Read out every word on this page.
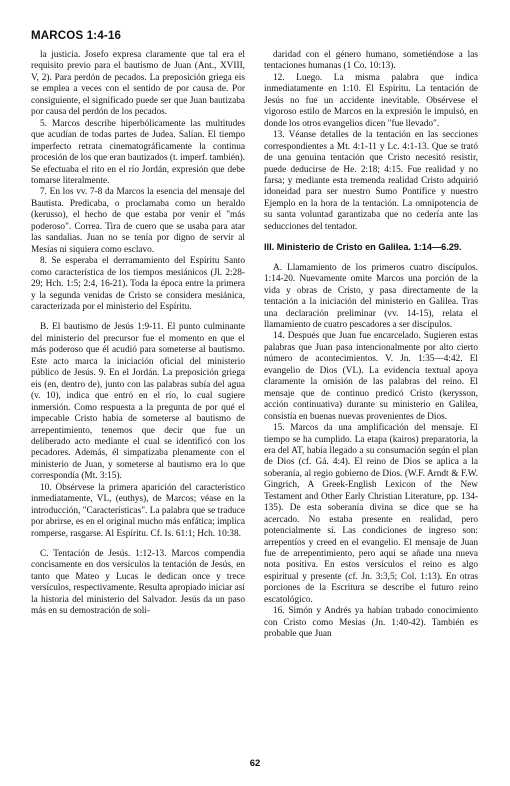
MARCOS 1:4-16

la justicia. Josefo expresa claramente que tal era el requisito previo para el bautismo de Juan (Ant., XVIII, V, 2). Para perdón de pecados. La preposición griega eis se emplea a veces con el sentido de por causa de. Por consiguiente, el significado puede ser que Juan bautizaba por causa del perdón de los pecados.

5. Marcos describe hiperbólicamente las multitudes que acudían de todas partes de Judea. Salían. El tiempo imperfecto retrata cinematográficamente la continua procesión de los que eran bautizados (t. imperf. también). Se efectuaba el rito en el río Jordán, expresión que debe tomarse literalmente.

7. En los vv. 7-8 da Marcos la esencia del mensaje del Bautista. Predicaba, o proclamaba como un heraldo (kerusso), el hecho de que estaba por venir el "más poderoso". Correa. Tira de cuero que se usaba para atar las sandalias. Juan no se tenía por digno de servir al Mesías ni siquiera como esclavo.

8. Se esperaba el derramamiento del Espíritu Santo como característica de los tiempos mesiánicos (Jl. 2:28-29; Hch. 1:5; 2:4, 16-21). Toda la época entre la primera y la segunda venidas de Cristo se considera mesiánica, caracterizada por el ministerio del Espíritu.

B. El bautismo de Jesús 1:9-11. El punto culminante del ministerio del precursor fue el momento en que el más poderoso que él acudió para someterse al bautismo. Este acto marca la iniciación oficial del ministerio público de Jesús. 9. En el Jordán. La preposición griega eis (en, dentro de), junto con las palabras subía del agua (v. 10), indica que entró en el río, lo cual sugiere inmersión. Como respuesta a la pregunta de por qué el impecable Cristo había de someterse al bautismo de arrepentimiento, tenemos que decir que fue un deliberado acto mediante el cual se identificó con los pecadores. Además, él simpatizaba plenamente con el ministerio de Juan, y someterse al bautismo era lo que correspondía (Mt. 3:15).

10. Obsérvese la primera aparición del característico inmediatamente, VL, (euthys), de Marcos; véase en la introducción, "Características". La palabra que se traduce por abrirse, es en el original mucho más enfática; implica romperse, rasgarse. Al Espíritu. Cf. Is. 61:1; Hch. 10:38.

C. Tentación de Jesús. 1:12-13. Marcos compendia concisamente en dos versículos la tentación de Jesús, en tanto que Mateo y Lucas le dedican once y trece versículos, respectivamente. Resulta apropiado iniciar así la historia del ministerio del Salvador. Jesús da un paso más en su demostración de soli-

daridad con el género humano, sometiéndose a las tentaciones humanas (1 Co. 10:13).

12. Luego. La misma palabra que indica inmediatamente en 1:10. El Espíritu. La tentación de Jesús no fue un accidente inevitable. Obsérvese el vigoroso estilo de Marcos en la expresión le impulsó, en donde los otros evangelios dicen "fue llevado".

13. Véanse detalles de la tentación en las secciones correspondientes a Mt. 4:1-11 y Lc. 4:1-13. Que se trató de una genuina tentación que Cristo necesitó resistir, puede deducirse de He. 2:18; 4:15. Fue realidad y no farsa; y mediante esta tremenda realidad Cristo adquirió idoneidad para ser nuestro Sumo Pontífice y nuestro Ejemplo en la hora de la tentación. La omnipotencia de su santa voluntad garantizaba que no cedería ante las seducciones del tentador.

III. Ministerio de Cristo en Galilea. 1:14—6.29.

A. Llamamiento de los primeros cuatro discípulos. 1:14-20. Nuevamente omite Marcos una porción de la vida y obras de Cristo, y pasa directamente de la tentación a la iniciación del ministerio en Galilea. Tras una declaración preliminar (vv. 14-15), relata el llamamiento de cuatro pescadores a ser discípulos.

14. Después que Juan fue encarcelado. Sugieren estas palabras que Juan pasa intencionalmente por alto cierto número de acontecimientos. V. Jn. 1:35—4:42. El evangelio de Dios (VL). La evidencia textual apoya claramente la omisión de las palabras del reino. El mensaje que de continuo predicó Cristo (kerysson, acción continuativa) durante su ministerio en Galilea, consistía en buenas nuevas provenientes de Dios.

15. Marcos da una amplificación del mensaje. El tiempo se ha cumplido. La etapa (kairos) preparatoria, la era del AT, había llegado a su consumación según el plan de Dios (cf. Gá. 4:4). El reino de Dios se aplica a la soberanía, al regio gobierno de Dios. (W.F. Arndt & F.W. Gingrich, A Greek-English Lexicon of the New Testament and Other Early Christian Literature, pp. 134-135). De esta soberanía divina se dice que se ha acercado. No estaba presente en realidad, pero potencialmente sí. Las condiciones de ingreso son: arrepentíos y creed en el evangelio. El mensaje de Juan fue de arrepentimiento, pero aquí se añade una nueva nota positiva. En estos versículos el reino es algo espiritual y presente (cf. Jn. 3:3,5; Col. 1:13). En otras porciones de la Escritura se describe el futuro reino escatológico.

16. Simón y Andrés ya habían trabado conocimiento con Cristo como Mesías (Jn. 1:40-42). También es probable que Juan

62
